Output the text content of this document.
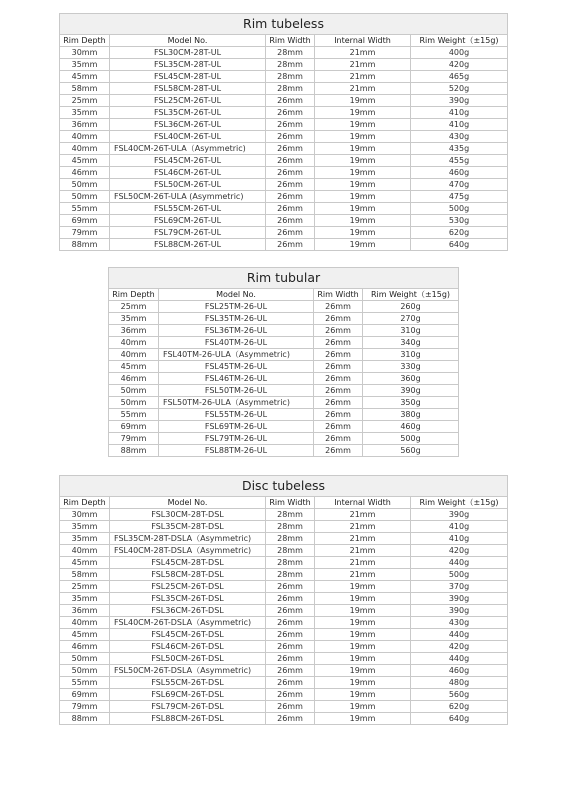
Rim tubeless
Rim Depth	Model No.	Rim Width	Internal Width	Rim Weight（±15g)
30mm	FSL30CM-28T-UL	28mm	21mm	400g
35mm	FSL35CM-28T-UL	28mm	21mm	420g
45mm	FSL45CM-28T-UL	28mm	21mm	465g
58mm	FSL58CM-28T-UL	28mm	21mm	520g
25mm	FSL25CM-26T-UL	26mm	19mm	390g
35mm	FSL35CM-26T-UL	26mm	19mm	410g
36mm	FSL36CM-26T-UL	26mm	19mm	410g
40mm	FSL40CM-26T-UL	26mm	19mm	430g
40mm	FSL40CM-26T-ULA（Asymmetric)	26mm	19mm	435g
45mm	FSL45CM-26T-UL	26mm	19mm	455g
46mm	FSL46CM-26T-UL	26mm	19mm	460g
50mm	FSL50CM-26T-UL	26mm	19mm	470g
50mm	FSL50CM-26T-ULA (Asymmetric)	26mm	19mm	475g
55mm	FSL55CM-26T-UL	26mm	19mm	500g
69mm	FSL69CM-26T-UL	26mm	19mm	530g
79mm	FSL79CM-26T-UL	26mm	19mm	620g
88mm	FSL88CM-26T-UL	26mm	19mm	640g
Rim tubular
Rim Depth	Model No.	Rim Width	Rim Weight（±15g)
25mm	FSL25TM-26-UL	26mm	260g
35mm	FSL35TM-26-UL	26mm	270g
36mm	FSL36TM-26-UL	26mm	310g
40mm	FSL40TM-26-UL	26mm	340g
40mm	FSL40TM-26-ULA（Asymmetric)	26mm	310g
45mm	FSL45TM-26-UL	26mm	330g
46mm	FSL46TM-26-UL	26mm	360g
50mm	FSL50TM-26-UL	26mm	390g
50mm	FSL50TM-26-ULA（Asymmetric)	26mm	350g
55mm	FSL55TM-26-UL	26mm	380g
69mm	FSL69TM-26-UL	26mm	460g
79mm	FSL79TM-26-UL	26mm	500g
88mm	FSL88TM-26-UL	26mm	560g
Disc tubeless
Rim Depth	Model No.	Rim Width	Internal Width	Rim Weight（±15g)
30mm	FSL30CM-28T-DSL	28mm	21mm	390g
35mm	FSL35CM-28T-DSL	28mm	21mm	410g
35mm	FSL35CM-28T-DSLA（Asymmetric)	28mm	21mm	410g
40mm	FSL40CM-28T-DSLA（Asymmetric)	28mm	21mm	420g
45mm	FSL45CM-28T-DSL	28mm	21mm	440g
58mm	FSL58CM-28T-DSL	28mm	21mm	500g
25mm	FSL25CM-26T-DSL	26mm	19mm	370g
35mm	FSL35CM-26T-DSL	26mm	19mm	390g
36mm	FSL36CM-26T-DSL	26mm	19mm	390g
40mm	FSL40CM-26T-DSLA（Asymmetric)	26mm	19mm	430g
45mm	FSL45CM-26T-DSL	26mm	19mm	440g
46mm	FSL46CM-26T-DSL	26mm	19mm	420g
50mm	FSL50CM-26T-DSL	26mm	19mm	440g
50mm	FSL50CM-26T-DSLA（Asymmetric)	26mm	19mm	460g
55mm	FSL55CM-26T-DSL	26mm	19mm	480g
69mm	FSL69CM-26T-DSL	26mm	19mm	560g
79mm	FSL79CM-26T-DSL	26mm	19mm	620g
88mm	FSL88CM-26T-DSL	26mm	19mm	640g
